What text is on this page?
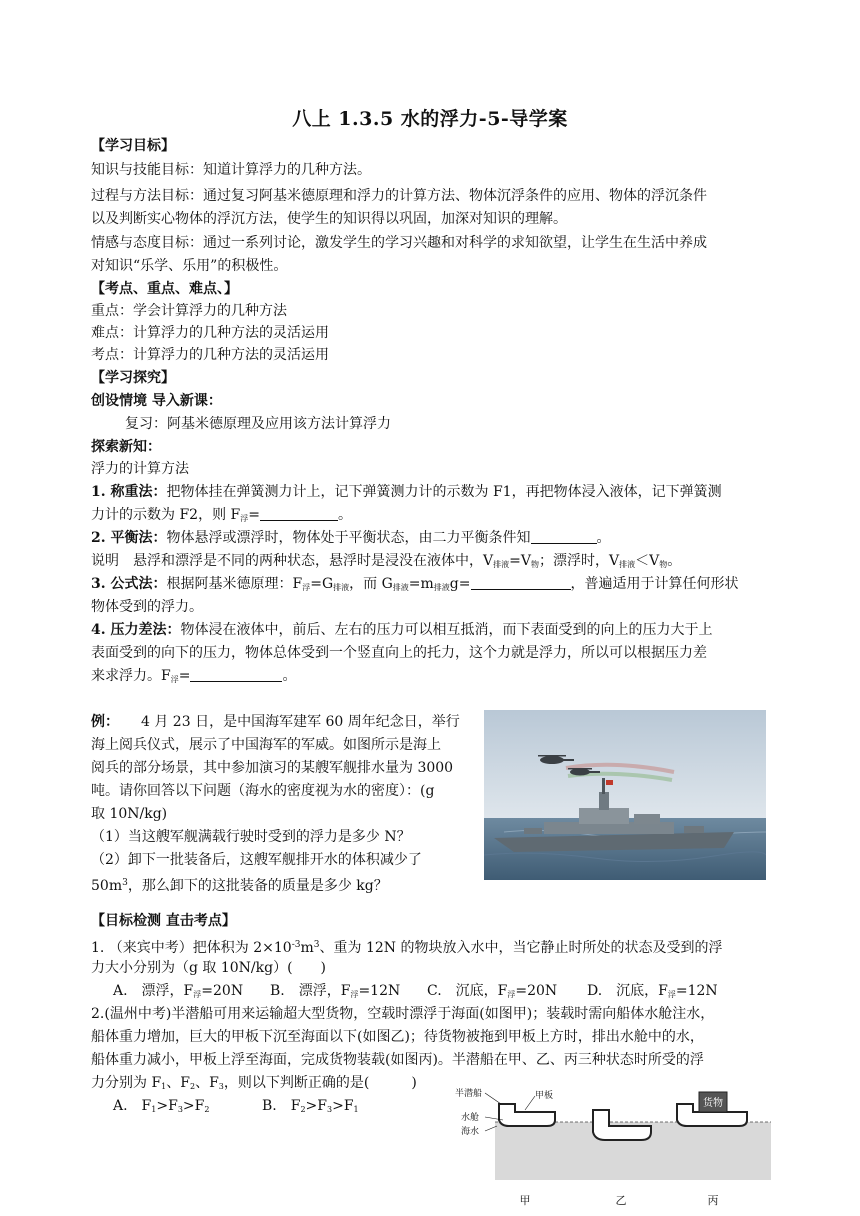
八上 1.3.5 水的浮力-5-导学案
【学习目标】
知识与技能目标：知道计算浮力的几种方法。
过程与方法目标：通过复习阿基米德原理和浮力的计算方法、物体沉浮条件的应用、物体的浮沉条件
以及判断实心物体的浮沉方法，使学生的知识得以巩固，加深对知识的理解。
情感与态度目标：通过一系列讨论，激发学生的学习兴趣和对科学的求知欲望，让学生在生活中养成
对知识“乐学、乐用”的积极性。
【考点、重点、难点、】
重点：学会计算浮力的几种方法
难点：计算浮力的几种方法的灵活运用
考点：计算浮力的几种方法的灵活运用
【学习探究】
创设情境 导入新课：
复习：阿基米德原理及应用该方法计算浮力
探索新知：
浮力的计算方法
1. 称重法：把物体挂在弹簧测力计上，记下弹簧测力计的示数为 F1，再把物体浸入液体，记下弹簧测
力计的示数为 F2，则 $F_浮=$	。
2. 平衡法：物体悬浮或漂浮时，物体处于平衡状态，由二力平衡条件知	。
说明　悬浮和漂浮是不同的两种状态，悬浮时是浸没在液体中，$V_{排液}=V_物$；漂浮时，$V_{排液}<V_物$。
3. 公式法：根据阿基米德原理：$F_浮=G_{排液}$，而 $G_{排液}=m_{排液}g=$	，普遍适用于计算任何形状
物体受到的浮力。
4. 压力差法：物体浸在液体中，前后、左右的压力可以相互抵消，而下表面受到的向上的压力大于上
表面受到的向下的压力，物体总体受到一个竖直向上的托力，这个力就是浮力，所以可以根据压力差
来求浮力。$F_浮=$	。
例： 4 月 23 日，是中国海军建军 60 周年纪念日，举行
海上阅兵仪式，展示了中国海军的军威。如图所示是海上
阅兵的部分场景，其中参加演习的某艘军舰排水量为 3000
吨。请你回答以下问题（海水的密度视为水的密度）：(g
取 10N/kg)
（1）当这艘军舰满载行驶时受到的浮力是多少 N？
（2）卸下一批装备后，这艘军舰排开水的体积减少了
$50m^3$，那么卸下的这批装备的质量是多少 kg？
【目标检测 直击考点】
1. （来宾中考）把体积为 $2\times 10^{-3}m^3$、重为 12N 的物块放入水中，当它静止时所处的状态及受到的浮
力大小分别为（g 取 10N/kg）(　　)
A.　漂浮，$F_浮=20N$ B.　漂浮，$F_浮=12N$ C.　沉底，$F_浮=20N$ D.　沉底，$F_浮=12N$
2.(温州中考)半潜船可用来运输超大型货物，空载时漂浮于海面(如图甲)；装载时需向船体水舱注水，
船体重力增加，巨大的甲板下沉至海面以下(如图乙)；待货物被拖到甲板上方时，排出水舱中的水，
船体重力减小，甲板上浮至海面，完成货物装载(如图丙)。半潜船在甲、乙、丙三种状态时所受的浮
力分别为 $F_1$、$F_2$、$F_3$，则以下判断正确的是(　　　)
A.　$F_1>F_3>F_2$	B.　$F_2>F_3>F_1$
货物
半潜船	甲板
水舱
海水
甲	乙	丙
